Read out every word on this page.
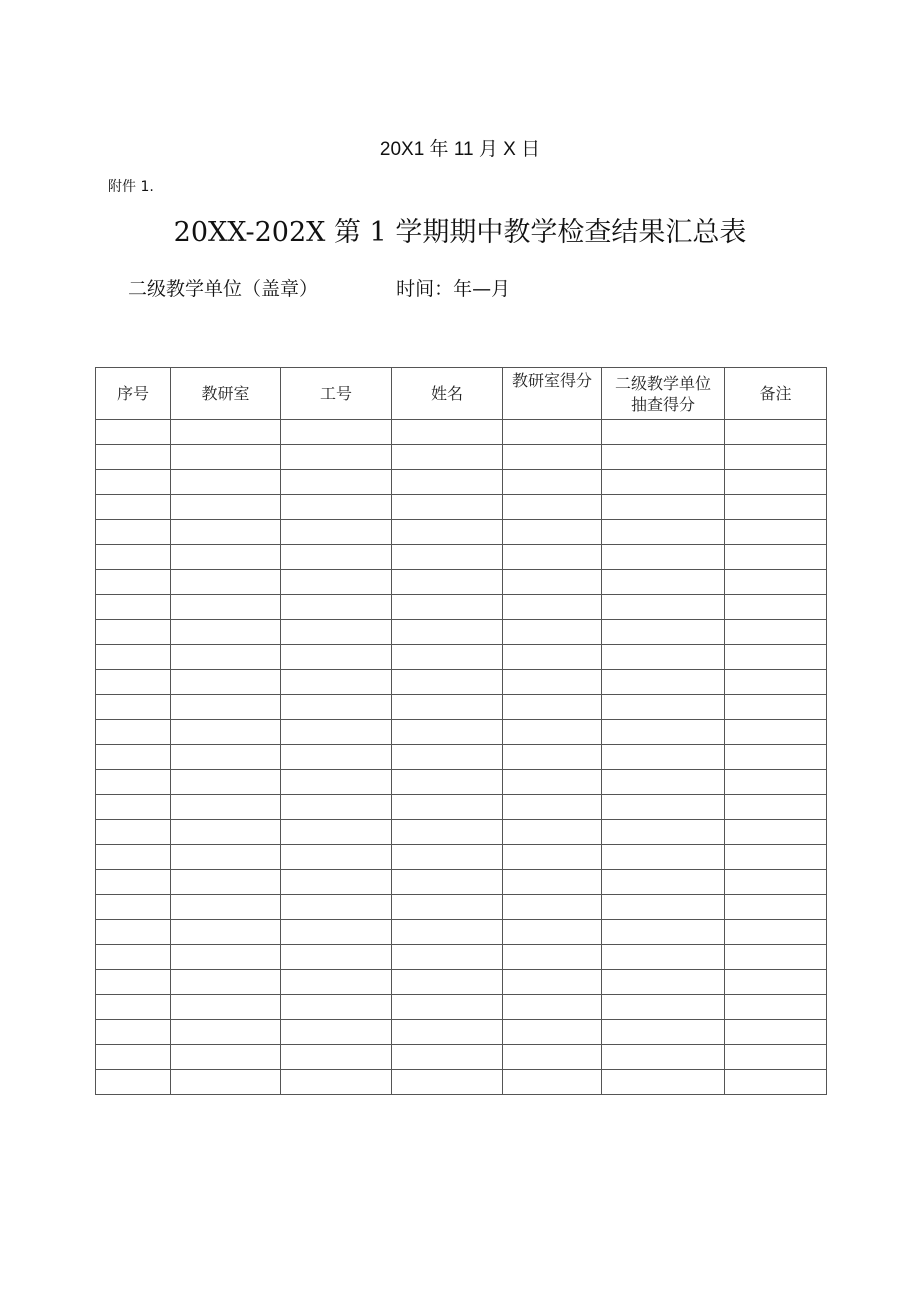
20X1 年 11 月 X 日
附件 1.
20XX-202X 第 1 学期期中教学检查结果汇总表
二级教学单位（盖章）	时间：年—月
序号	教研室	工号	姓名	教研室得分	二级教学单位抽查得分	备注
